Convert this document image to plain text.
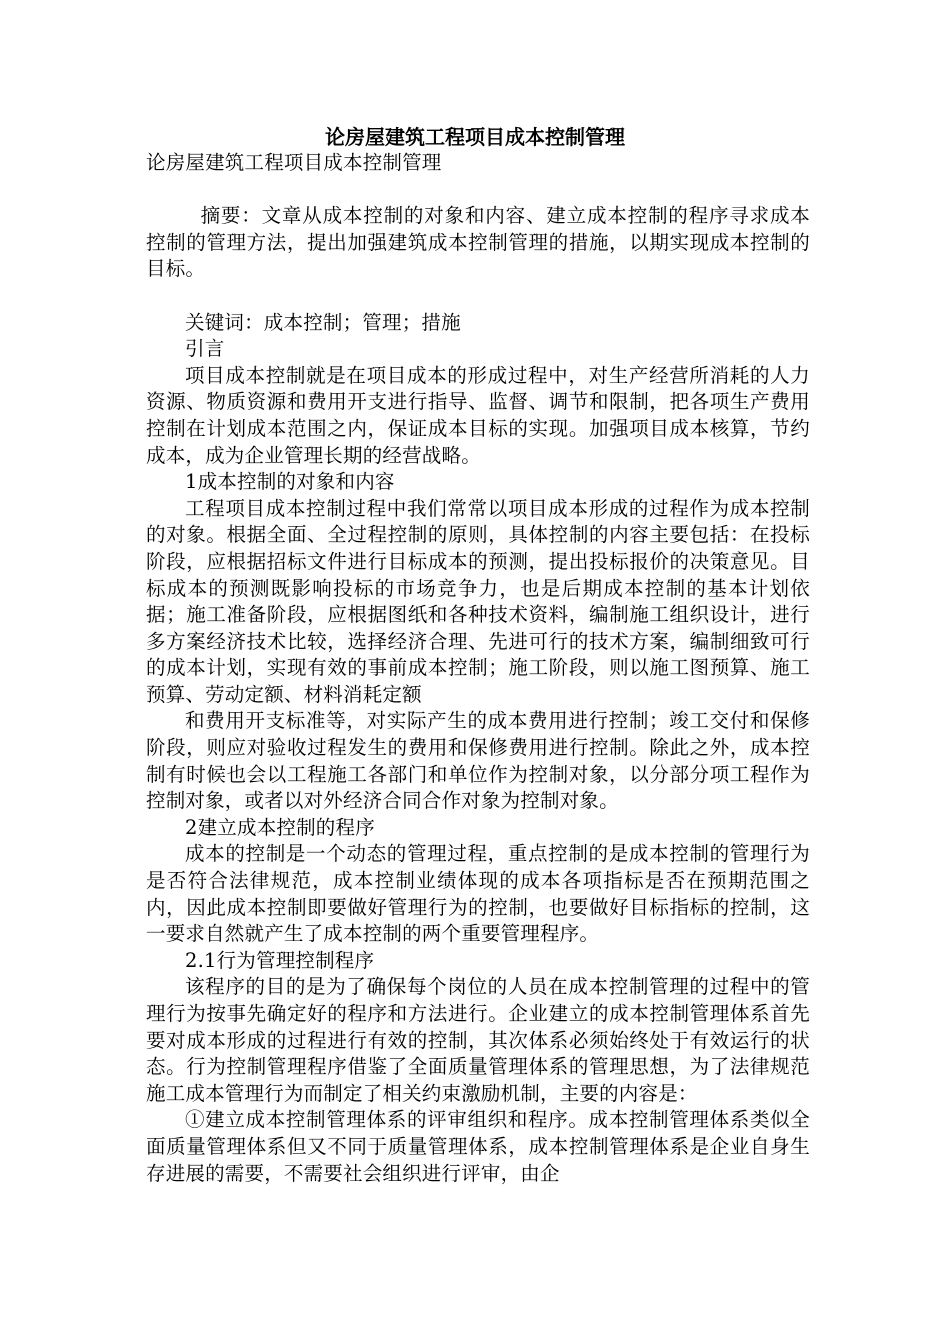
论房屋建筑工程项目成本控制管理

论房屋建筑工程项目成本控制管理

摘要：文章从成本控制的对象和内容、建立成本控制的程序寻求成本控制的管理方法，提出加强建筑成本控制管理的措施，以期实现成本控制的目标。

关键词：成本控制；管理；措施

引言

项目成本控制就是在项目成本的形成过程中，对生产经营所消耗的人力资源、物质资源和费用开支进行指导、监督、调节和限制，把各项生产费用控制在计划成本范围之内，保证成本目标的实现。加强项目成本核算，节约成本，成为企业管理长期的经营战略。

1成本控制的对象和内容

工程项目成本控制过程中我们常常以项目成本形成的过程作为成本控制的对象。根据全面、全过程控制的原则，具体控制的内容主要包括：在投标阶段，应根据招标文件进行目标成本的预测，提出投标报价的决策意见。目标成本的预测既影响投标的市场竞争力，也是后期成本控制的基本计划依据；施工准备阶段，应根据图纸和各种技术资料，编制施工组织设计，进行多方案经济技术比较，选择经济合理、先进可行的技术方案，编制细致可行的成本计划，实现有效的事前成本控制；施工阶段，则以施工图预算、施工预算、劳动定额、材料消耗定额

和费用开支标准等，对实际产生的成本费用进行控制；竣工交付和保修阶段，则应对验收过程发生的费用和保修费用进行控制。除此之外，成本控制有时候也会以工程施工各部门和单位作为控制对象，以分部分项工程作为控制对象，或者以对外经济合同合作对象为控制对象。

2建立成本控制的程序

成本的控制是一个动态的管理过程，重点控制的是成本控制的管理行为是否符合法律规范，成本控制业绩体现的成本各项指标是否在预期范围之内，因此成本控制即要做好管理行为的控制，也要做好目标指标的控制，这一要求自然就产生了成本控制的两个重要管理程序。

2.1行为管理控制程序

该程序的目的是为了确保每个岗位的人员在成本控制管理的过程中的管理行为按事先确定好的程序和方法进行。企业建立的成本控制管理体系首先要对成本形成的过程进行有效的控制，其次体系必须始终处于有效运行的状态。行为控制管理程序借鉴了全面质量管理体系的管理思想，为了法律规范施工成本管理行为而制定了相关约束激励机制，主要的内容是：

①建立成本控制管理体系的评审组织和程序。成本控制管理体系类似全面质量管理体系但又不同于质量管理体系，成本控制管理体系是企业自身生存进展的需要，不需要社会组织进行评审，由企
